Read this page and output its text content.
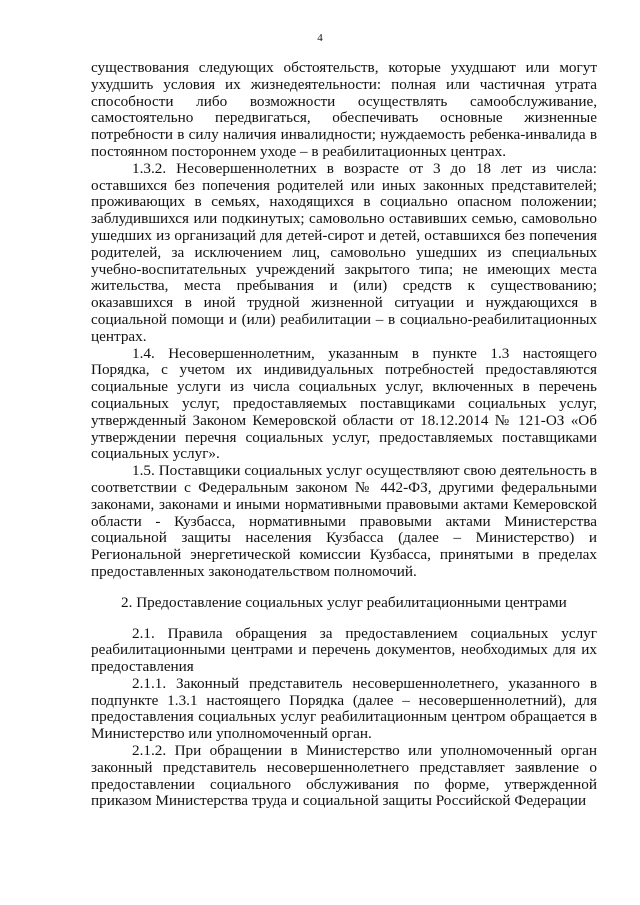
4

существования следующих обстоятельств, которые ухудшают или могут ухудшить условия их жизнедеятельности: полная или частичная утрата способности либо возможности осуществлять самообслуживание, самостоятельно передвигаться, обеспечивать основные жизненные потребности в силу наличия инвалидности; нуждаемость ребенка-инвалида в постоянном постороннем уходе – в реабилитационных центрах.

1.3.2. Несовершеннолетних в возрасте от 3 до 18 лет из числа: оставшихся без попечения родителей или иных законных представителей; проживающих в семьях, находящихся в социально опасном положении; заблудившихся или подкинутых; самовольно оставивших семью, самовольно ушедших из организаций для детей-сирот и детей, оставшихся без попечения родителей, за исключением лиц, самовольно ушедших из специальных учебно-воспитательных учреждений закрытого типа; не имеющих места жительства, места пребывания и (или) средств к существованию; оказавшихся в иной трудной жизненной ситуации и нуждающихся в социальной помощи и (или) реабилитации – в социально-реабилитационных центрах.

1.4. Несовершеннолетним, указанным в пункте 1.3 настоящего Порядка, с учетом их индивидуальных потребностей предоставляются социальные услуги из числа социальных услуг, включенных в перечень социальных услуг, предоставляемых поставщиками социальных услуг, утвержденный Законом Кемеровской области от 18.12.2014 № 121-ОЗ «Об утверждении перечня социальных услуг, предоставляемых поставщиками социальных услуг».

1.5. Поставщики социальных услуг осуществляют свою деятельность в соответствии с Федеральным законом № 442-ФЗ, другими федеральными законами, законами и иными нормативными правовыми актами Кемеровской области - Кузбасса, нормативными правовыми актами Министерства социальной защиты населения Кузбасса (далее – Министерство) и Региональной энергетической комиссии Кузбасса, принятыми в пределах предоставленных законодательством полномочий.

2. Предоставление социальных услуг реабилитационными центрами

2.1. Правила обращения за предоставлением социальных услуг реабилитационными центрами и перечень документов, необходимых для их предоставления

2.1.1. Законный представитель несовершеннолетнего, указанного в подпункте 1.3.1 настоящего Порядка (далее – несовершеннолетний), для предоставления социальных услуг реабилитационным центром обращается в Министерство или уполномоченный орган.

2.1.2. При обращении в Министерство или уполномоченный орган законный представитель несовершеннолетнего представляет заявление о предоставлении социального обслуживания по форме, утвержденной приказом Министерства труда и социальной защиты Российской Федерации
